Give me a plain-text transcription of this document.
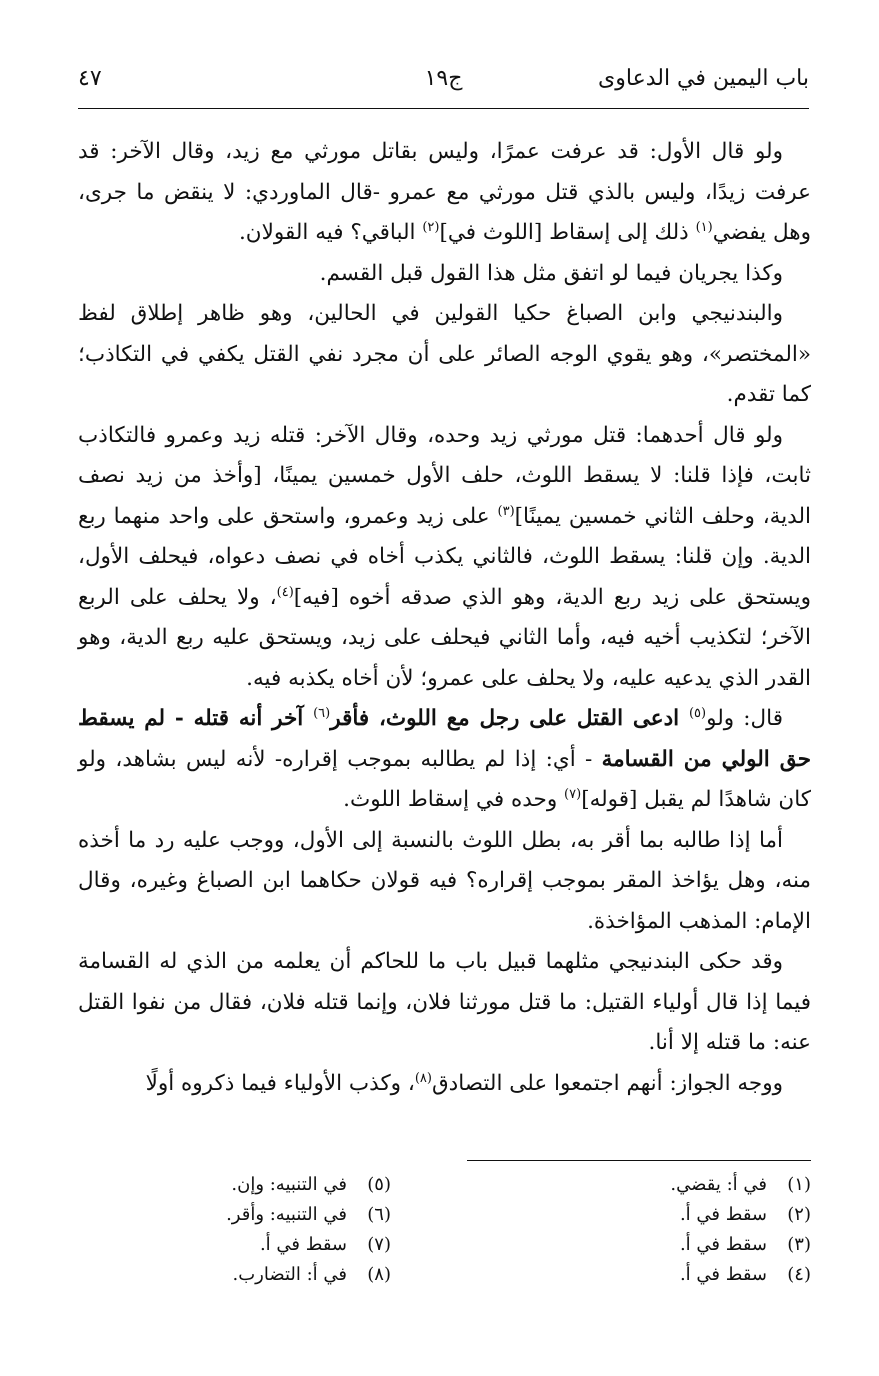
باب اليمين في الدعاوى
ج١٩
٤٧

ولو قال الأول: قد عرفت عمرًا، وليس بقاتل مورثي مع زيد، وقال الآخر: قد عرفت زيدًا، وليس بالذي قتل مورثي مع عمرو -قال الماوردي: لا ينقض ما جرى، وهل يفضي$^{(١)}$ ذلك إلى إسقاط [اللوث في]$^{(٢)}$ الباقي؟ فيه القولان.

وكذا يجريان فيما لو اتفق مثل هذا القول قبل القسم.

والبندنيجي وابن الصباغ حكيا القولين في الحالين، وهو ظاهر إطلاق لفظ «المختصر»، وهو يقوي الوجه الصائر على أن مجرد نفي القتل يكفي في التكاذب؛ كما تقدم.

ولو قال أحدهما: قتل مورثي زيد وحده، وقال الآخر: قتله زيد وعمرو فالتكاذب ثابت، فإذا قلنا: لا يسقط اللوث، حلف الأول خمسين يمينًا، [وأخذ من زيد نصف الدية، وحلف الثاني خمسين يمينًا]$^{(٣)}$ على زيد وعمرو، واستحق على واحد منهما ربع الدية. وإن قلنا: يسقط اللوث، فالثاني يكذب أخاه في نصف دعواه، فيحلف الأول، ويستحق على زيد ربع الدية، وهو الذي صدقه أخوه [فيه]$^{(٤)}$، ولا يحلف على الربع الآخر؛ لتكذيب أخيه فيه، وأما الثاني فيحلف على زيد، ويستحق عليه ربع الدية، وهو القدر الذي يدعيه عليه، ولا يحلف على عمرو؛ لأن أخاه يكذبه فيه.

قال: ولو$^{(٥)}$ ادعى القتل على رجل مع اللوث، فأقر$^{(٦)}$ آخر أنه قتله - لم يسقط حق الولي من القسامة - أي: إذا لم يطالبه بموجب إقراره- لأنه ليس بشاهد، ولو كان شاهدًا لم يقبل [قوله]$^{(٧)}$ وحده في إسقاط اللوث.

أما إذا طالبه بما أقر به، بطل اللوث بالنسبة إلى الأول، ووجب عليه رد ما أخذه منه، وهل يؤاخذ المقر بموجب إقراره؟ فيه قولان حكاهما ابن الصباغ وغيره، وقال الإمام: المذهب المؤاخذة.

وقد حكى البندنيجي مثلهما قبيل باب ما للحاكم أن يعلمه من الذي له القسامة فيما إذا قال أولياء القتيل: ما قتل مورثنا فلان، وإنما قتله فلان، فقال من نفوا القتل عنه: ما قتله إلا أنا.

ووجه الجواز: أنهم اجتمعوا على التصادق$^{(٨)}$، وكذب الأولياء فيما ذكروه أولًا

(١)في أ: يقضي.
(٢)سقط في أ.
(٣)سقط في أ.
(٤)سقط في أ.
(٥)في التنبيه: وإن.
(٦)في التنبيه: وأقر.
(٧)سقط في أ.
(٨)في أ: التضارب.
